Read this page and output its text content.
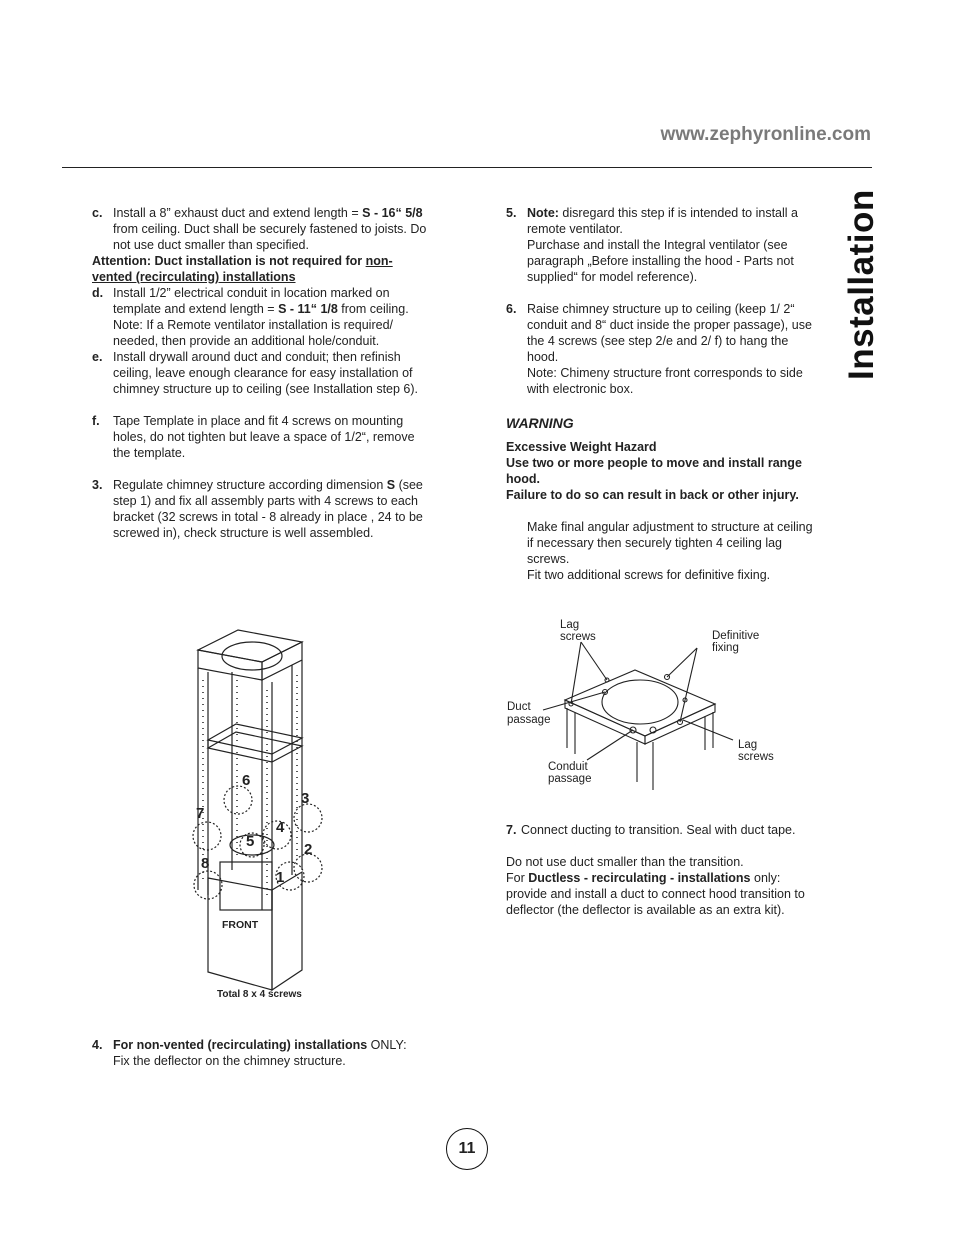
www.zephyronline.com
Installation
c. Install a 8” exhaust duct and extend length = S - 16“ 5/8 from ceiling. Duct shall be securely fastened to joists. Do not use duct smaller than specified.
Attention: Duct installation is not required for non-vented (recirculating) installations
d. Install 1/2” electrical conduit in location marked on template and extend length = S - 11“ 1/8 from ceiling.
Note: If a Remote ventilator installation is required/ needed, then provide an additional hole/conduit.
e. Install drywall around duct and conduit; then refinish ceiling, leave enough clearance for easy installation of chimney structure up to ceiling (see Installation step 6).
f.	Tape Template in place and fit 4 screws on mounting holes, do not tighten but leave a space of 1/2“, remove the template.
3. Regulate chimney structure according dimension S (see step 1) and fix all assembly parts with 4 screws to each bracket (32 screws in total - 8 already in place , 24 to be screwed in), check structure is well assembled.
7
6
3
4
5	2
8
1
FRONT
Total 8 x 4 screws
4. For non-vented (recirculating) installations ONLY:
Fix the deflector on the chimney structure.
5. Note: disregard this step if is intended to install a remote ventilator.
Purchase and install the Integral ventilator (see paragraph „Before installing the hood - Parts not supplied“ for model reference).
6. Raise chimney structure up to ceiling (keep 1/ 2“ conduit and 8“ duct inside the proper passage), use the 4 screws (see step 2/e and 2/ f) to hang the hood.
Note: Chimeny structure front corresponds to side with electronic box.
WARNING
Excessive Weight Hazard
Use two or more people to move and install range hood.
Failure to do so can result in back or other injury.
Make final angular adjustment to structure at ceiling if necessary then securely tighten 4 ceiling lag screws.
Fit two additional screws for definitive fixing.
Lag
screws	Definitive
fixing
Duct
passage
Conduit
passage
Lag
screws
7. Connect ducting to transition. Seal with duct tape.
Do not use duct smaller than the transition.
For Ductless - recirculating - installations only: provide and install a duct to connect hood transition to deflector (the deflector is available as an extra kit).
11
